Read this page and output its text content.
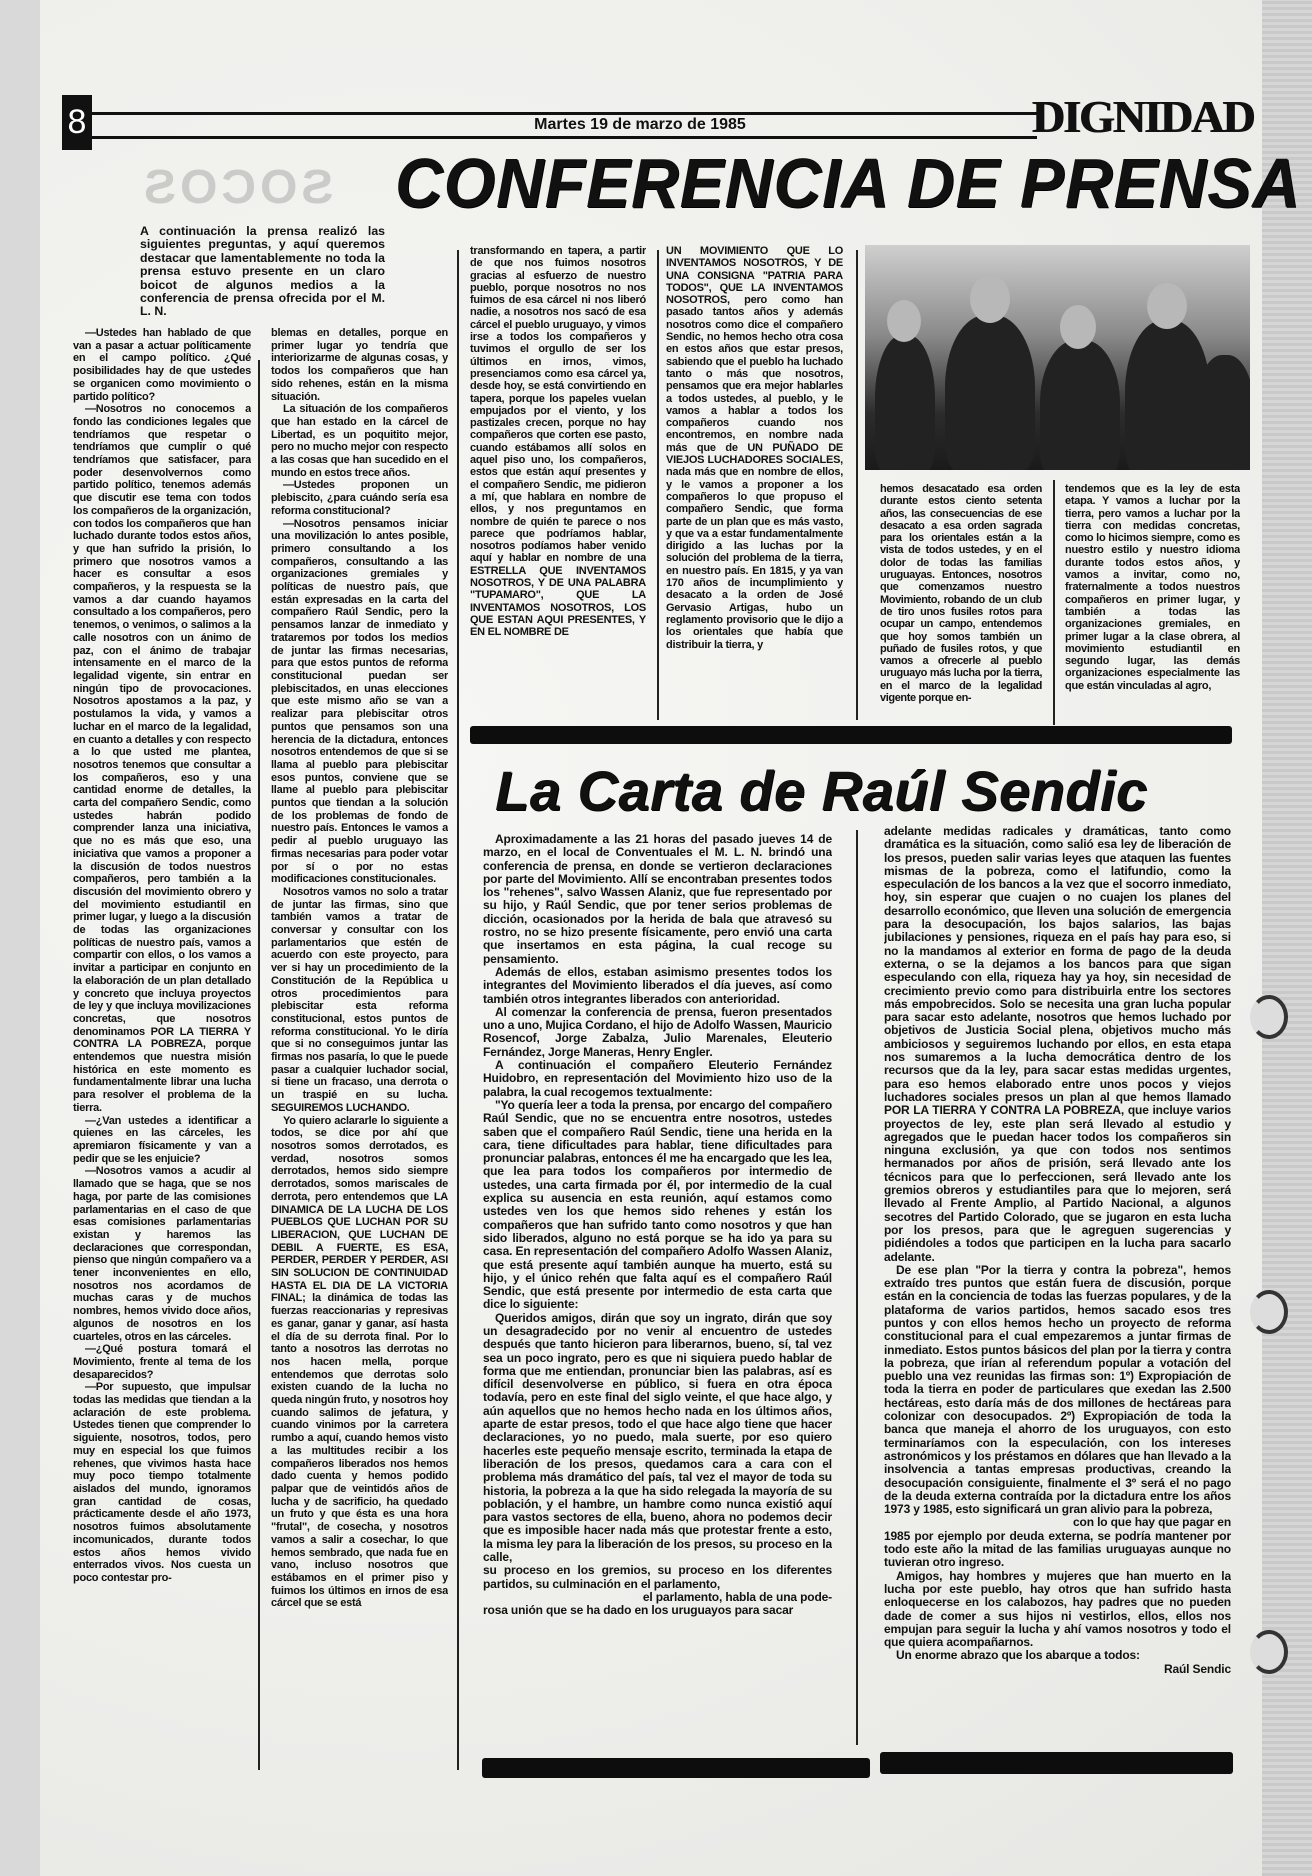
8	Martes 19 de marzo de 1985	DIGNIDAD
SOCOS CONFERENCIA DE PRENSA
A continuación la prensa realizó las siguientes preguntas, y aquí queremos destacar que lamentablemente no toda la prensa estuvo presente en un claro boicot de algunos medios a la conferencia de prensa ofrecida por el M. L. N.

—Ustedes han hablado de que van a pasar a actuar políticamente en el campo político. ¿Qué posibilidades hay de que ustedes se organicen como movimiento o partido político?

—Nosotros no conocemos a fondo las condiciones legales que tendríamos que respetar o tendríamos que cumplir o qué tendríamos que satisfacer, para poder desenvolvernos como partido político, tenemos además que discutir ese tema con todos los compañeros de la organización, con todos los compañeros que han luchado durante todos estos años, y que han sufrido la prisión, lo primero que nosotros vamos a hacer es consultar a esos compañeros, y la respuesta se la vamos a dar cuando hayamos consultado a los compañeros, pero tenemos, o venimos, o salimos a la calle nosotros con un ánimo de paz, con el ánimo de trabajar intensamente en el marco de la legalidad vigente, sin entrar en ningún tipo de provocaciones. Nosotros apostamos a la paz, y postulamos la vida, y vamos a luchar en el marco de la legalidad, en cuanto a detalles y con respecto a lo que usted me plantea, nosotros tenemos que consultar a los compañeros, eso y una cantidad enorme de detalles, la carta del compañero Sendic, como ustedes habrán podido comprender lanza una iniciativa, que no es más que eso, una iniciativa que vamos a proponer a la discusión de todos nuestros compañeros, pero también a la discusión del movimiento obrero y del movimiento estudiantil en primer lugar, y luego a la discusión de todas las organizaciones políticas de nuestro país, vamos a compartir con ellos, o los vamos a invitar a participar en conjunto en la elaboración de un plan detallado y concreto que incluya proyectos de ley y que incluya movilizaciones concretas, que nosotros denominamos POR LA TIERRA Y CONTRA LA POBREZA, porque entendemos que nuestra misión histórica en este momento es fundamentalmente librar una lucha para resolver el problema de la tierra.

—¿Van ustedes a identificar a quienes en las cárceles, les apremiaron físicamente y van a pedir que se les enjuicie?

—Nosotros vamos a acudir al llamado que se haga, que se nos haga, por parte de las comisiones parlamentarias en el caso de que esas comisiones parlamentarias existan y haremos las declaraciones que correspondan, pienso que ningún compañero va a tener inconvenientes en ello, nosotros nos acordamos de muchas caras y de muchos nombres, hemos vivido doce años, algunos de nosotros en los cuarteles, otros en las cárceles.

—¿Qué postura tomará el Movimiento, frente al tema de los desaparecidos?

—Por supuesto, que impulsar todas las medidas que tiendan a la aclaración de este problema. Ustedes tienen que comprender lo siguiente, nosotros, todos, pero muy en especial los que fuimos rehenes, que vivimos hasta hace muy poco tiempo totalmente aislados del mundo, ignoramos gran cantidad de cosas, prácticamente desde el año 1973, nosotros fuimos absolutamente incomunicados, durante todos estos años hemos vivido enterrados vivos. Nos cuesta un poco contestar pro-

blemas en detalles, porque en primer lugar yo tendría que interiorizarme de algunas cosas, y todos los compañeros que han sido rehenes, están en la misma situación.

La situación de los compañeros que han estado en la cárcel de Libertad, es un poquitito mejor, pero no mucho mejor con respecto a las cosas que han sucedido en el mundo en estos trece años.

—Ustedes proponen un plebiscito, ¿para cuándo sería esa reforma constitucional?

—Nosotros pensamos iniciar una movilización lo antes posible, primero consultando a los compañeros, consultando a las organizaciones gremiales y políticas de nuestro país, que están expresadas en la carta del compañero Raúl Sendic, pero la pensamos lanzar de inmediato y trataremos por todos los medios de juntar las firmas necesarias, para que estos puntos de reforma constitucional puedan ser plebiscitados, en unas elecciones que este mismo año se van a realizar para plebiscitar otros puntos que pensamos son una herencia de la dictadura, entonces nosotros entendemos de que si se llama al pueblo para plebiscitar esos puntos, conviene que se llame al pueblo para plebiscitar puntos que tiendan a la solución de los problemas de fondo de nuestro país. Entonces le vamos a pedir al pueblo uruguayo las firmas necesarias para poder votar por sí o por no estas modificaciones constitucionales.

Nosotros vamos no solo a tratar de juntar las firmas, sino que también vamos a tratar de conversar y consultar con los parlamentarios que estén de acuerdo con este proyecto, para ver si hay un procedimiento de la Constitución de la República u otros procedimientos para plebiscitar esta reforma constitucional, estos puntos de reforma constitucional. Yo le diría que si no conseguimos juntar las firmas nos pasaría, lo que le puede pasar a cualquier luchador social, si tiene un fracaso, una derrota o un traspié en su lucha. SEGUIREMOS LUCHANDO.

Yo quiero aclararle lo siguiente a todos, se dice por ahí que nosotros somos derrotados, es verdad, nosotros somos derrotados, hemos sido siempre derrotados, somos mariscales de derrota, pero entendemos que LA DINAMICA DE LA LUCHA DE LOS PUEBLOS QUE LUCHAN POR SU LIBERACION, QUE LUCHAN DE DEBIL A FUERTE, ES ESA, PERDER, PERDER Y PERDER, ASI SIN SOLUCION DE CONTINUIDAD HASTA EL DIA DE LA VICTORIA FINAL; la dinámica de todas las fuerzas reaccionarias y represivas es ganar, ganar y ganar, así hasta el día de su derrota final. Por lo tanto a nosotros las derrotas no nos hacen mella, porque entendemos que derrotas solo existen cuando de la lucha no queda ningún fruto, y nosotros hoy cuando salimos de jefatura, y cuando vinimos por la carretera rumbo a aquí, cuando hemos visto a las multitudes recibir a los compañeros liberados nos hemos dado cuenta y hemos podido palpar que de veintidós años de lucha y de sacrificio, ha quedado un fruto y que ésta es una hora "frutal", de cosecha, y nosotros vamos a salir a cosechar, lo que hemos sembrado, que nada fue en vano, incluso nosotros que estábamos en el primer piso y fuimos los últimos en irnos de esa cárcel que se está

transformando en tapera, a partir de que nos fuimos nosotros gracias al esfuerzo de nuestro pueblo, porque nosotros no nos fuimos de esa cárcel ni nos liberó nadie, a nosotros nos sacó de esa cárcel el pueblo uruguayo, y vimos irse a todos los compañeros y tuvimos el orgullo de ser los últimos en irnos, vimos, presenciamos como esa cárcel ya, desde hoy, se está convirtiendo en tapera, porque los papeles vuelan empujados por el viento, y los pastizales crecen, porque no hay compañeros que corten ese pasto, cuando estábamos allí solos en aquel piso uno, los compañeros, estos que están aquí presentes y el compañero Sendic, me pidieron a mí, que hablara en nombre de ellos, y nos preguntamos en nombre de quién te parece o nos parece que podríamos hablar, nosotros podíamos haber venido aquí y hablar en nombre de una ESTRELLA QUE INVENTAMOS NOSOTROS, Y DE UNA PALABRA "TUPAMARO", QUE LA INVENTAMOS NOSOTROS, LOS QUE ESTAN AQUI PRESENTES, Y EN EL NOMBRE DE

UN MOVIMIENTO QUE LO INVENTAMOS NOSOTROS, Y DE UNA CONSIGNA "PATRIA PARA TODOS", QUE LA INVENTAMOS NOSOTROS, pero como han pasado tantos años y además nosotros como dice el compañero Sendic, no hemos hecho otra cosa en estos años que estar presos, sabiendo que el pueblo ha luchado tanto o más que nosotros, pensamos que era mejor hablarles a todos ustedes, al pueblo, y le vamos a hablar a todos los compañeros cuando nos encontremos, en nombre nada más que de UN PUÑADO DE VIEJOS LUCHADORES SOCIALES, nada más que en nombre de ellos, y le vamos a proponer a los compañeros lo que propuso el compañero Sendic, que forma parte de un plan que es más vasto, y que va a estar fundamentalmente dirigido a las luchas por la solución del problema de la tierra, en nuestro país. En 1815, y ya van 170 años de incumplimiento y desacato a la orden de José Gervasio Artigas, hubo un reglamento provisorio que le dijo a los orientales que había que distribuir la tierra, y

hemos desacatado esa orden durante estos ciento setenta años, las consecuencias de ese desacato a esa orden sagrada para los orientales están a la vista de todos ustedes, y en el dolor de todas las familias uruguayas. Entonces, nosotros que comenzamos nuestro Movimiento, robando de un club de tiro unos fusiles rotos para ocupar un campo, entendemos que hoy somos también un puñado de fusiles rotos, y que vamos a ofrecerle al pueblo uruguayo más lucha por la tierra, en el marco de la legalidad vigente porque en-

tendemos que es la ley de esta etapa. Y vamos a luchar por la tierra, pero vamos a luchar por la tierra con medidas concretas, como lo hicimos siempre, como es nuestro estilo y nuestro idioma durante todos estos años, y vamos a invitar, como no, fraternalmente a todos nuestros compañeros en primer lugar, y también a todas las organizaciones gremiales, en primer lugar a la clase obrera, al movimiento estudiantil en segundo lugar, las demás organizaciones especialmente las que están vinculadas al agro,

La Carta de Raúl Sendic

Aproximadamente a las 21 horas del pasado jueves 14 de marzo, en el local de Conventuales el M. L. N. brindó una conferencia de prensa, en donde se vertieron declaraciones por parte del Movimiento. Allí se encontraban presentes todos los "rehenes", salvo Wassen Alaniz, que fue representado por su hijo, y Raúl Sendic, que por tener serios problemas de dicción, ocasionados por la herida de bala que atravesó su rostro, no se hizo presente físicamente, pero envió una carta que insertamos en esta página, la cual recoge su pensamiento.

Además de ellos, estaban asimismo presentes todos los integrantes del Movimiento liberados el día jueves, así como también otros integrantes liberados con anterioridad.

Al comenzar la conferencia de prensa, fueron presentados uno a uno, Mujica Cordano, el hijo de Adolfo Wassen, Mauricio Rosencof, Jorge Zabalza, Julio Marenales, Eleuterio Fernández, Jorge Maneras, Henry Engler.

A continuación el compañero Eleuterio Fernández Huidobro, en representación del Movimiento hizo uso de la palabra, la cual recogemos textualmente:

"Yo quería leer a toda la prensa, por encargo del compañero Raúl Sendic, que no se encuentra entre nosotros, ustedes saben que el compañero Raúl Sendic, tiene una herida en la cara, tiene dificultades para hablar, tiene dificultades para pronunciar palabras, entonces él me ha encargado que les lea, que lea para todos los compañeros por intermedio de ustedes, una carta firmada por él, por intermedio de la cual explica su ausencia en esta reunión, aquí estamos como ustedes ven los que hemos sido rehenes y están los compañeros que han sufrido tanto como nosotros y que han sido liberados, alguno no está porque se ha ido ya para su casa. En representación del compañero Adolfo Wassen Alaniz, que está presente aquí también aunque ha muerto, está su hijo, y el único rehén que falta aquí es el compañero Raúl Sendic, que está presente por intermedio de esta carta que dice lo siguiente:

Queridos amigos, dirán que soy un ingrato, dirán que soy un desagradecido por no venir al encuentro de ustedes después que tanto hicieron para liberarnos, bueno, sí, tal vez sea un poco ingrato, pero es que ni siquiera puedo hablar de forma que me entiendan, pronunciar bien las palabras, así es difícil desenvolverse en público, si fuera en otra época todavía, pero en este final del siglo veinte, el que hace algo, y aún aquellos que no hemos hecho nada en los últimos años, aparte de estar presos, todo el que hace algo tiene que hacer declaraciones, yo no puedo, mala suerte, por eso quiero hacerles este pequeño mensaje escrito, terminada la etapa de liberación de los presos, quedamos cara a cara con el problema más dramático del país, tal vez el mayor de toda su historia, la pobreza a la que ha sido relegada la mayoría de su población, y el hambre, un hambre como nunca existió aquí para vastos sectores de ella, bueno, ahora no podemos decir que es imposible hacer nada más que protestar frente a esto, la misma ley para la liberación de los presos, su proceso en la calle,

su proceso en los gremios, su proceso en los diferentes partidos, su culminación en el parlamento,

el parlamento, habla de una pode-

rosa unión que se ha dado en los uruguayos para sacar

adelante medidas radicales y dramáticas, tanto como dramática es la situación, como salió esa ley de liberación de los presos, pueden salir varias leyes que ataquen las fuentes mismas de la pobreza, como el latifundio, como la especulación de los bancos a la vez que el socorro inmediato, hoy, sin esperar que cuajen o no cuajen los planes del desarrollo económico, que lleven una solución de emergencia para la desocupación, los bajos salarios, las bajas jubilaciones y pensiones, riqueza en el país hay para eso, si no la mandamos al exterior en forma de pago de la deuda externa, o se la dejamos a los bancos para que sigan especulando con ella, riqueza hay ya hoy, sin necesidad de crecimiento previo como para distribuirla entre los sectores más empobrecidos. Solo se necesita una gran lucha popular para sacar esto adelante, nosotros que hemos luchado por objetivos de Justicia Social plena, objetivos mucho más ambiciosos y seguiremos luchando por ellos, en esta etapa nos sumaremos a la lucha democrática dentro de los recursos que da la ley, para sacar estas medidas urgentes, para eso hemos elaborado entre unos pocos y viejos luchadores sociales presos un plan al que hemos llamado POR LA TIERRA Y CONTRA LA POBREZA, que incluye varios proyectos de ley, este plan será llevado al estudio y agregados que le puedan hacer todos los compañeros sin ninguna exclusión, ya que con todos nos sentimos hermanados por años de prisión, será llevado ante los técnicos para que lo perfeccionen, será llevado ante los gremios obreros y estudiantiles para que lo mejoren, será llevado al Frente Amplio, al Partido Nacional, a algunos secotres del Partido Colorado, que se jugaron en esta lucha por los presos, para que le agreguen sugerencias y pidiéndoles a todos que participen en la lucha para sacarlo adelante.

De ese plan "Por la tierra y contra la pobreza", hemos extraído tres puntos que están fuera de discusión, porque están en la conciencia de todas las fuerzas populares, y de la plataforma de varios partidos, hemos sacado esos tres puntos y con ellos hemos hecho un proyecto de reforma constitucional para el cual empezaremos a juntar firmas de inmediato. Estos puntos básicos del plan por la tierra y contra la pobreza, que irían al referendum popular a votación del pueblo una vez reunidas las firmas son: 1º) Expropiación de toda la tierra en poder de particulares que exedan las 2.500 hectáreas, esto daría más de dos millones de hectáreas para colonizar con desocupados. 2º) Expropiación de toda la banca que maneja el ahorro de los uruguayos, con esto terminaríamos con la especulación, con los intereses astronómicos y los préstamos en dólares que han llevado a la insolvencia a tantas empresas productivas, creando la desocupación consiguiente, finalmente el 3º será el no pago de la deuda externa contraída por la dictadura entre los años 1973 y 1985, esto significará un gran alivio para la pobreza,

con lo que hay que pagar en

1985 por ejemplo por deuda externa, se podría mantener por todo este año la mitad de las familias uruguayas aunque no tuvieran otro ingreso.

Amigos, hay hombres y mujeres que han muerto en la lucha por este pueblo, hay otros que han sufrido hasta enloquecerse en los calabozos, hay padres que no pueden dade de comer a sus hijos ni vestirlos, ellos, ellos nos empujan para seguir la lucha y ahí vamos nosotros y todo el que quiera acompañarnos.

Un enorme abrazo que los abarque a todos:

Raúl Sendic
